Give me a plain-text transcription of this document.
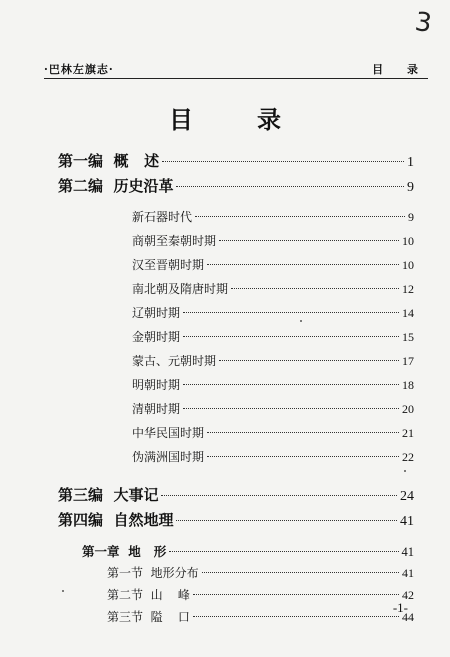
3
·巴林左旗志·	目 录
目录
第一编  概   述	1
第二编  历史沿革	9
新石器时代	9
商朝至秦朝时期	10
汉至晋朝时期	10
南北朝及隋唐时期	12
辽朝时期	14
金朝时期	15
蒙古、元朝时期	17
明朝时期	18
清朝时期	20
中华民国时期	21
伪满洲国时期	22
第三编  大事记	24
第四编  自然地理	41
第一章  地   形	41
第一节  地形分布	41
第二节  山    峰	42
第三节  隘    口	44
-1-
